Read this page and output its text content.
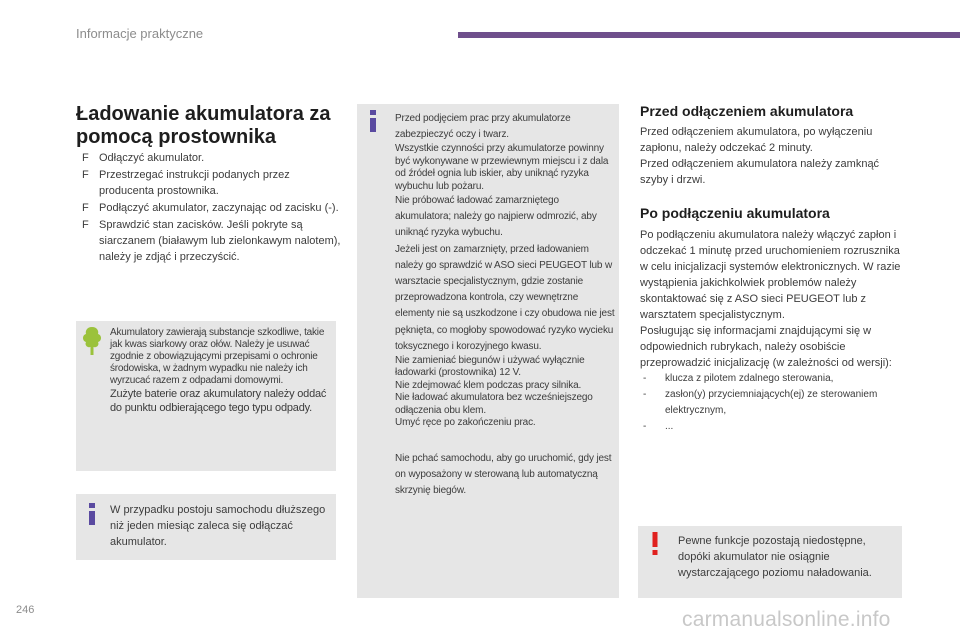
Informacje praktyczne
Ładowanie akumulatora za pomocą prostownika
F Odłączyć akumulator.
F Przestrzegać instrukcji podanych przez producenta prostownika.
F Podłączyć akumulator, zaczynając od zacisku (-).
F Sprawdzić stan zacisków. Jeśli pokryte są siarczanem (białawym lub zielonkawym nalotem), należy je zdjąć i przeczyścić.

Akumulatory zawierają substancje szkodliwe, takie jak kwas siarkowy oraz ołów. Należy je usuwać zgodnie z obowiązującymi przepisami o ochronie środowiska, w żadnym wypadku nie należy ich wyrzucać razem z odpadami domowymi.

Zużyte baterie oraz akumulatory należy oddać do punktu odbierającego tego typu odpady.

W przypadku postoju samochodu dłuższego niż jeden miesiąc zaleca się odłączać akumulator.

Przed podjęciem prac przy akumulatorze zabezpieczyć oczy i twarz.

Wszystkie czynności przy akumulatorze powinny być wykonywane w przewiewnym miejscu i z dala od źródeł ognia lub iskier, aby uniknąć ryzyka wybuchu lub pożaru.

Nie próbować ładować zamarzniętego akumulatora; należy go najpierw odmrozić, aby uniknąć ryzyka wybuchu.

Jeżeli jest on zamarznięty, przed ładowaniem należy go sprawdzić w ASO sieci PEUGEOT lub w warsztacie specjalistycznym, gdzie zostanie przeprowadzona kontrola, czy wewnętrzne elementy nie są uszkodzone i czy obudowa nie jest pęknięta, co mogłoby spowodować ryzyko wycieku toksycznego i korozyjnego kwasu.

Nie zamieniać biegunów i używać wyłącznie ładowarki (prostownika) 12 V.

Nie zdejmować klem podczas pracy silnika.

Nie ładować akumulatora bez wcześniejszego odłączenia obu klem.

Umyć ręce po zakończeniu prac.

Nie pchać samochodu, aby go uruchomić, gdy jest on wyposażony w sterowaną lub automatyczną skrzynię biegów.

Przed odłączeniem akumulatora

Przed odłączeniem akumulatora, po wyłączeniu zapłonu, należy odczekać 2 minuty.

Przed odłączeniem akumulatora należy zamknąć szyby i drzwi.

Po podłączeniu akumulatora

Po podłączeniu akumulatora należy włączyć zapłon i odczekać 1 minutę przed uruchomieniem rozrusznika w celu inicjalizacji systemów elektronicznych. W razie wystąpienia jakichkolwiek problemów należy skontaktować się z ASO sieci PEUGEOT lub z warsztatem specjalistycznym.

Posługując się informacjami znajdującymi się w odpowiednich rubrykach, należy osobiście przeprowadzić inicjalizację (w zależności od wersji):

- klucza z pilotem zdalnego sterowania,
- zasłon(y) przyciemniających(ej) ze sterowaniem elektrycznym,
- ...
Pewne funkcje pozostają niedostępne, dopóki akumulator nie osiągnie wystarczającego poziomu naładowania.
246	carmanualsonline.info
